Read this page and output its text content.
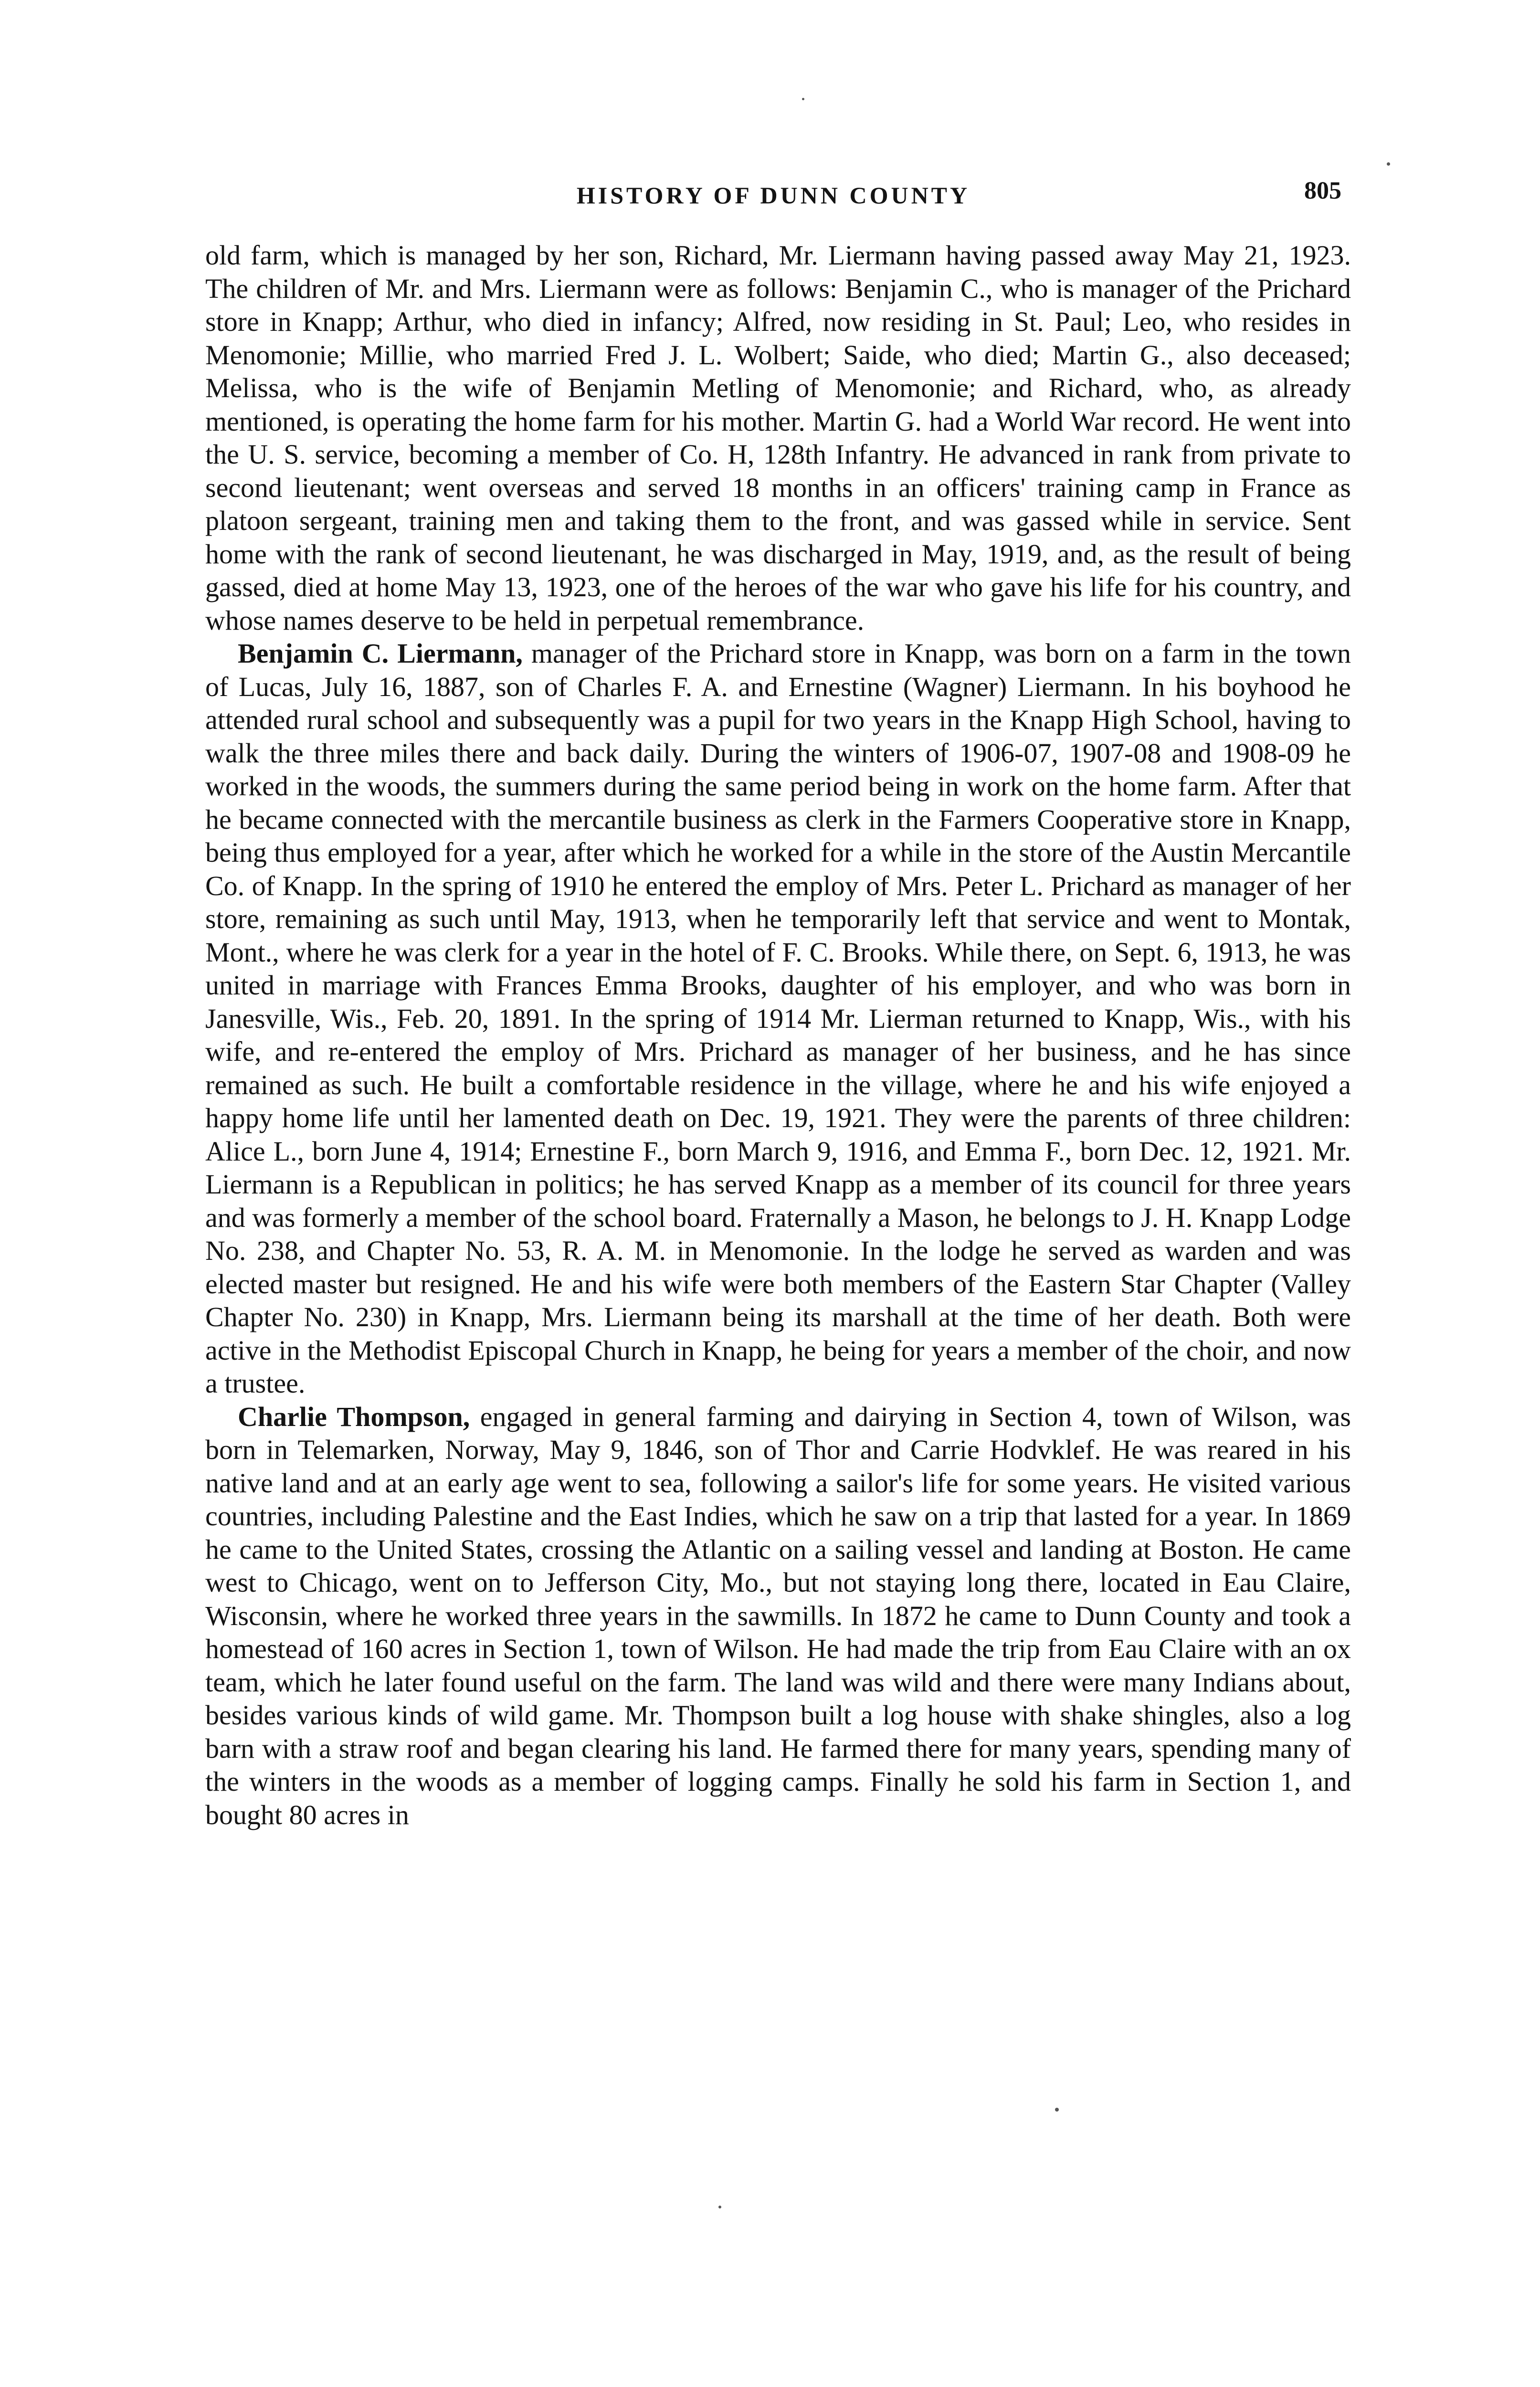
HISTORY OF DUNN COUNTY	805

old farm, which is managed by her son, Richard, Mr. Liermann having passed away May 21, 1923. The children of Mr. and Mrs. Liermann were as follows: Benjamin C., who is manager of the Prichard store in Knapp; Arthur, who died in infancy; Alfred, now residing in St. Paul; Leo, who resides in Menomonie; Millie, who married Fred J. L. Wolbert; Saide, who died; Martin G., also deceased; Melissa, who is the wife of Benjamin Metling of Menomonie; and Richard, who, as already mentioned, is operating the home farm for his mother. Martin G. had a World War record. He went into the U. S. service, becoming a member of Co. H, 128th Infantry. He advanced in rank from private to second lieutenant; went overseas and served 18 months in an officers' training camp in France as platoon sergeant, training men and taking them to the front, and was gassed while in service. Sent home with the rank of second lieutenant, he was discharged in May, 1919, and, as the result of being gassed, died at home May 13, 1923, one of the heroes of the war who gave his life for his country, and whose names deserve to be held in perpetual remembrance.

Benjamin C. Liermann, manager of the Prichard store in Knapp, was born on a farm in the town of Lucas, July 16, 1887, son of Charles F. A. and Ernestine (Wagner) Liermann. In his boyhood he attended rural school and subsequently was a pupil for two years in the Knapp High School, having to walk the three miles there and back daily. During the winters of 1906-07, 1907-08 and 1908-09 he worked in the woods, the summers during the same period being in work on the home farm. After that he became connected with the mercantile business as clerk in the Farmers Cooperative store in Knapp, being thus employed for a year, after which he worked for a while in the store of the Austin Mercantile Co. of Knapp. In the spring of 1910 he entered the employ of Mrs. Peter L. Prichard as manager of her store, remaining as such until May, 1913, when he temporarily left that service and went to Montak, Mont., where he was clerk for a year in the hotel of F. C. Brooks. While there, on Sept. 6, 1913, he was united in marriage with Frances Emma Brooks, daughter of his employer, and who was born in Janesville, Wis., Feb. 20, 1891. In the spring of 1914 Mr. Lierman returned to Knapp, Wis., with his wife, and re-entered the employ of Mrs. Prichard as manager of her business, and he has since remained as such. He built a comfortable residence in the village, where he and his wife enjoyed a happy home life until her lamented death on Dec. 19, 1921. They were the parents of three children: Alice L., born June 4, 1914; Ernestine F., born March 9, 1916, and Emma F., born Dec. 12, 1921. Mr. Liermann is a Republican in politics; he has served Knapp as a member of its council for three years and was formerly a member of the school board. Fraternally a Mason, he belongs to J. H. Knapp Lodge No. 238, and Chapter No. 53, R. A. M. in Menomonie. In the lodge he served as warden and was elected master but resigned. He and his wife were both members of the Eastern Star Chapter (Valley Chapter No. 230) in Knapp, Mrs. Liermann being its marshall at the time of her death. Both were active in the Methodist Episcopal Church in Knapp, he being for years a member of the choir, and now a trustee.

Charlie Thompson, engaged in general farming and dairying in Section 4, town of Wilson, was born in Telemarken, Norway, May 9, 1846, son of Thor and Carrie Hodvklef. He was reared in his native land and at an early age went to sea, following a sailor's life for some years. He visited various countries, including Palestine and the East Indies, which he saw on a trip that lasted for a year. In 1869 he came to the United States, crossing the Atlantic on a sailing vessel and landing at Boston. He came west to Chicago, went on to Jefferson City, Mo., but not staying long there, located in Eau Claire, Wisconsin, where he worked three years in the sawmills. In 1872 he came to Dunn County and took a homestead of 160 acres in Section 1, town of Wilson. He had made the trip from Eau Claire with an ox team, which he later found useful on the farm. The land was wild and there were many Indians about, besides various kinds of wild game. Mr. Thompson built a log house with shake shingles, also a log barn with a straw roof and began clearing his land. He farmed there for many years, spending many of the winters in the woods as a member of logging camps. Finally he sold his farm in Section 1, and bought 80 acres in
